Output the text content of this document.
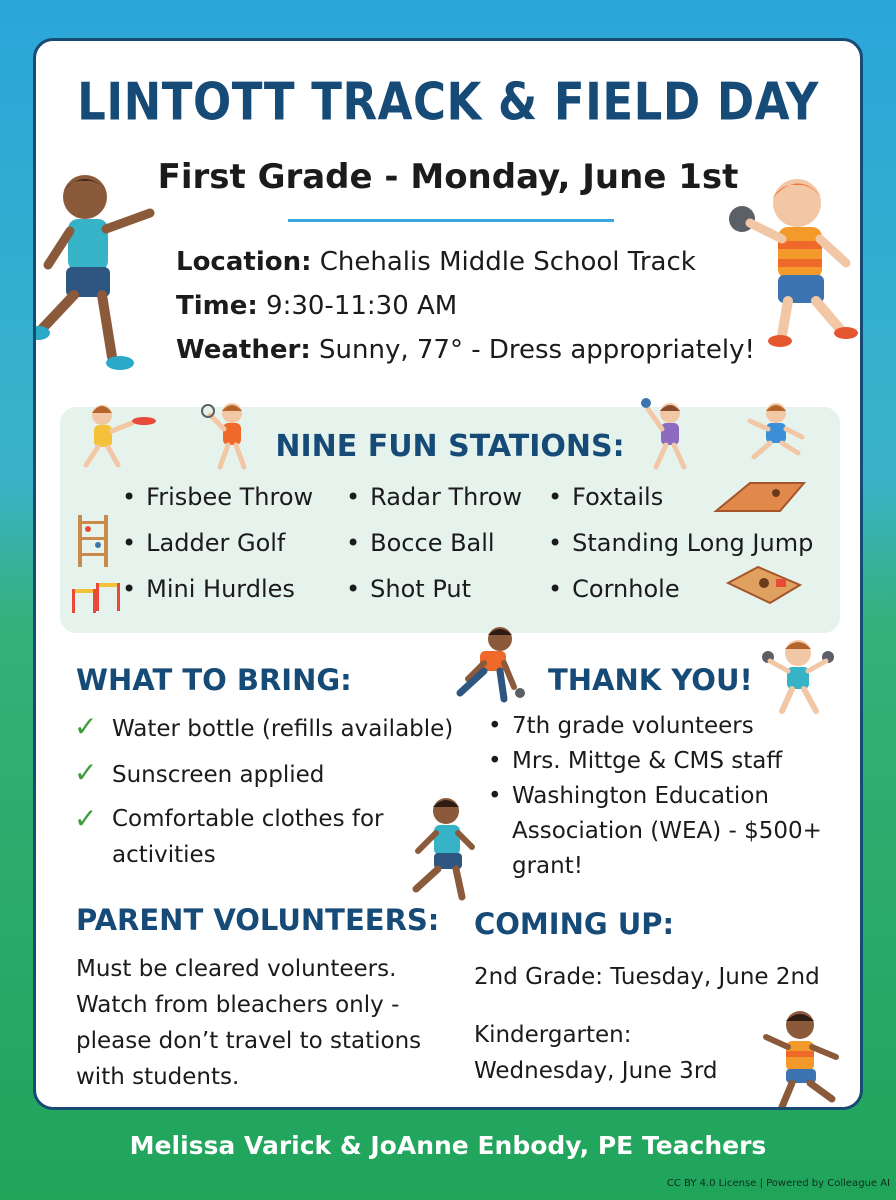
LINTOTT TRACK & FIELD DAY
First Grade - Monday, June 1st
Location: Chehalis Middle School Track
Time: 9:30-11:30 AM
Weather: Sunny, 77° - Dress appropriately!
NINE FUN STATIONS:
• Frisbee Throw	• Radar Throw	• Foxtails
• Ladder Golf	• Bocce Ball	• Standing Long Jump
• Mini Hurdles	• Shot Put	• Cornhole
WHAT TO BRING:
✓ Water bottle (refills available)
✓ Sunscreen applied
✓ Comfortable clothes for activities
THANK YOU!
• 7th grade volunteers
• Mrs. Mittge & CMS staff
• Washington Education Association (WEA) - $500+ grant!
PARENT VOLUNTEERS:
Must be cleared volunteers. Watch from bleachers only - please don’t travel to stations with students.
COMING UP:
2nd Grade: Tuesday, June 2nd
Kindergarten: Wednesday, June 3rd
Melissa Varick & JoAnne Enbody, PE Teachers
CC BY 4.0 License | Powered by Colleague AI
